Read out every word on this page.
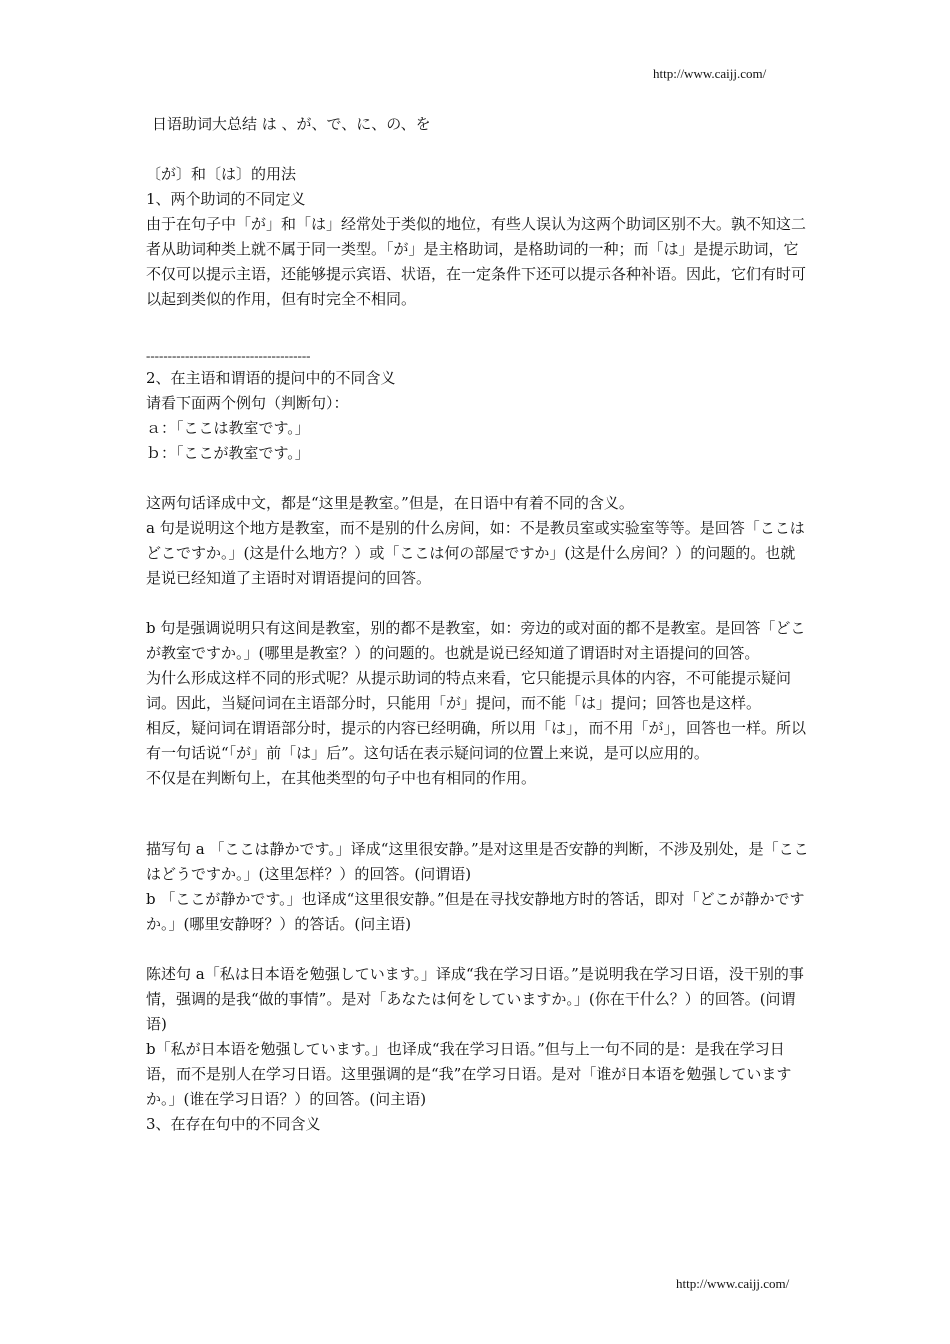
http://www.caijj.com/

日语助词大总结 は 、が、で、に、の、を

〔が〕和〔は〕的用法

1、两个助词的不同定义

由于在句子中「が」和「は」经常处于类似的地位，有些人误认为这两个助词区别不大。孰不知这二者从助词种类上就不属于同一类型。「が」是主格助词，是格助词的一种；而「は」是提示助词，它不仅可以提示主语，还能够提示宾语、状语，在一定条件下还可以提示各种补语。因此，它们有时可以起到类似的作用，但有时完全不相同。

--------------------------------------

2、在主语和谓语的提问中的不同含义

请看下面两个例句（判断句）：

ａ：「ここは教室です。」

ｂ：「ここが教室です。」

这两句话译成中文，都是“这里是教室。”但是，在日语中有着不同的含义。

a 句是说明这个地方是教室，而不是别的什么房间，如：不是教员室或实验室等等。是回答「ここはどこですか。」(这是什么地方？）或「ここは何の部屋ですか」(这是什么房间？）的问题的。也就是说已经知道了主语时对谓语提问的回答。

b 句是强调说明只有这间是教室，别的都不是教室，如：旁边的或对面的都不是教室。是回答「どこが教室ですか。」(哪里是教室？）的问题的。也就是说已经知道了谓语时对主语提问的回答。

为什么形成这样不同的形式呢？从提示助词的特点来看，它只能提示具体的内容，不可能提示疑问词。因此，当疑问词在主语部分时，只能用「が」提问，而不能「は」提问；回答也是这样。

相反，疑问词在谓语部分时，提示的内容已经明确，所以用「は」，而不用「が」，回答也一样。所以有一句话说“「が」前「は」后”。这句话在表示疑问词的位置上来说，是可以应用的。

不仅是在判断句上，在其他类型的句子中也有相同的作用。

描写句 a 「ここは静かです。」译成“这里很安静。”是对这里是否安静的判断，不涉及别处，是「ここはどうですか。」(这里怎样？）的回答。(问谓语)

b 「ここが静かです。」也译成“这里很安静。”但是在寻找安静地方时的答话，即对「どこが静かですか。」(哪里安静呀？）的答话。(问主语)

陈述句 a「私は日本语を勉强しています。」译成“我在学习日语。”是说明我在学习日语，没干别的事情，强调的是我“做的事情”。是对「あなたは何をしていますか。」(你在干什么？）的回答。(问谓语)

b「私が日本语を勉强しています。」也译成“我在学习日语。”但与上一句不同的是：是我在学习日语，而不是别人在学习日语。这里强调的是“我”在学习日语。是对「谁が日本语を勉强していますか。」(谁在学习日语？）的回答。(问主语)

3、在存在句中的不同含义

http://www.caijj.com/
